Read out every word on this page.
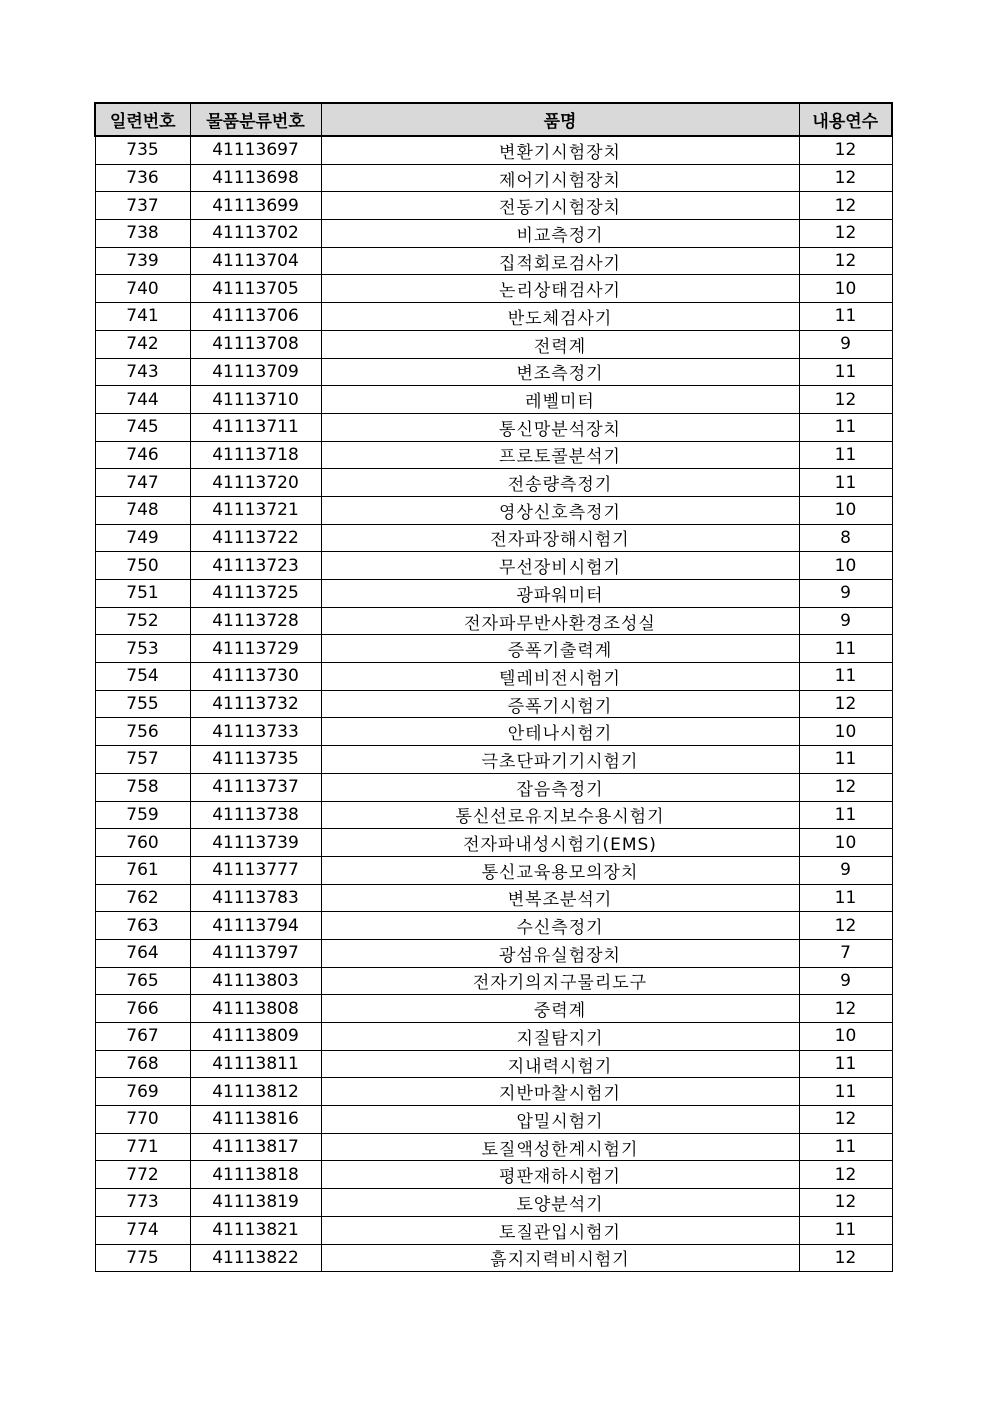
일련번호	물품분류번호	품명	내용연수
735	41113697	변환기시험장치	12
736	41113698	제어기시험장치	12
737	41113699	전동기시험장치	12
738	41113702	비교측정기	12
739	41113704	집적회로검사기	12
740	41113705	논리상태검사기	10
741	41113706	반도체검사기	11
742	41113708	전력계	9
743	41113709	변조측정기	11
744	41113710	레벨미터	12
745	41113711	통신망분석장치	11
746	41113718	프로토콜분석기	11
747	41113720	전송량측정기	11
748	41113721	영상신호측정기	10
749	41113722	전자파장해시험기	8
750	41113723	무선장비시험기	10
751	41113725	광파워미터	9
752	41113728	전자파무반사환경조성실	9
753	41113729	증폭기출력계	11
754	41113730	텔레비전시험기	11
755	41113732	증폭기시험기	12
756	41113733	안테나시험기	10
757	41113735	극초단파기기시험기	11
758	41113737	잡음측정기	12
759	41113738	통신선로유지보수용시험기	11
760	41113739	전자파내성시험기(EMS)	10
761	41113777	통신교육용모의장치	9
762	41113783	변복조분석기	11
763	41113794	수신측정기	12
764	41113797	광섬유실험장치	7
765	41113803	전자기의지구물리도구	9
766	41113808	중력계	12
767	41113809	지질탐지기	10
768	41113811	지내력시험기	11
769	41113812	지반마찰시험기	11
770	41113816	압밀시험기	12
771	41113817	토질액성한계시험기	11
772	41113818	평판재하시험기	12
773	41113819	토양분석기	12
774	41113821	토질관입시험기	11
775	41113822	흙지지력비시험기	12
